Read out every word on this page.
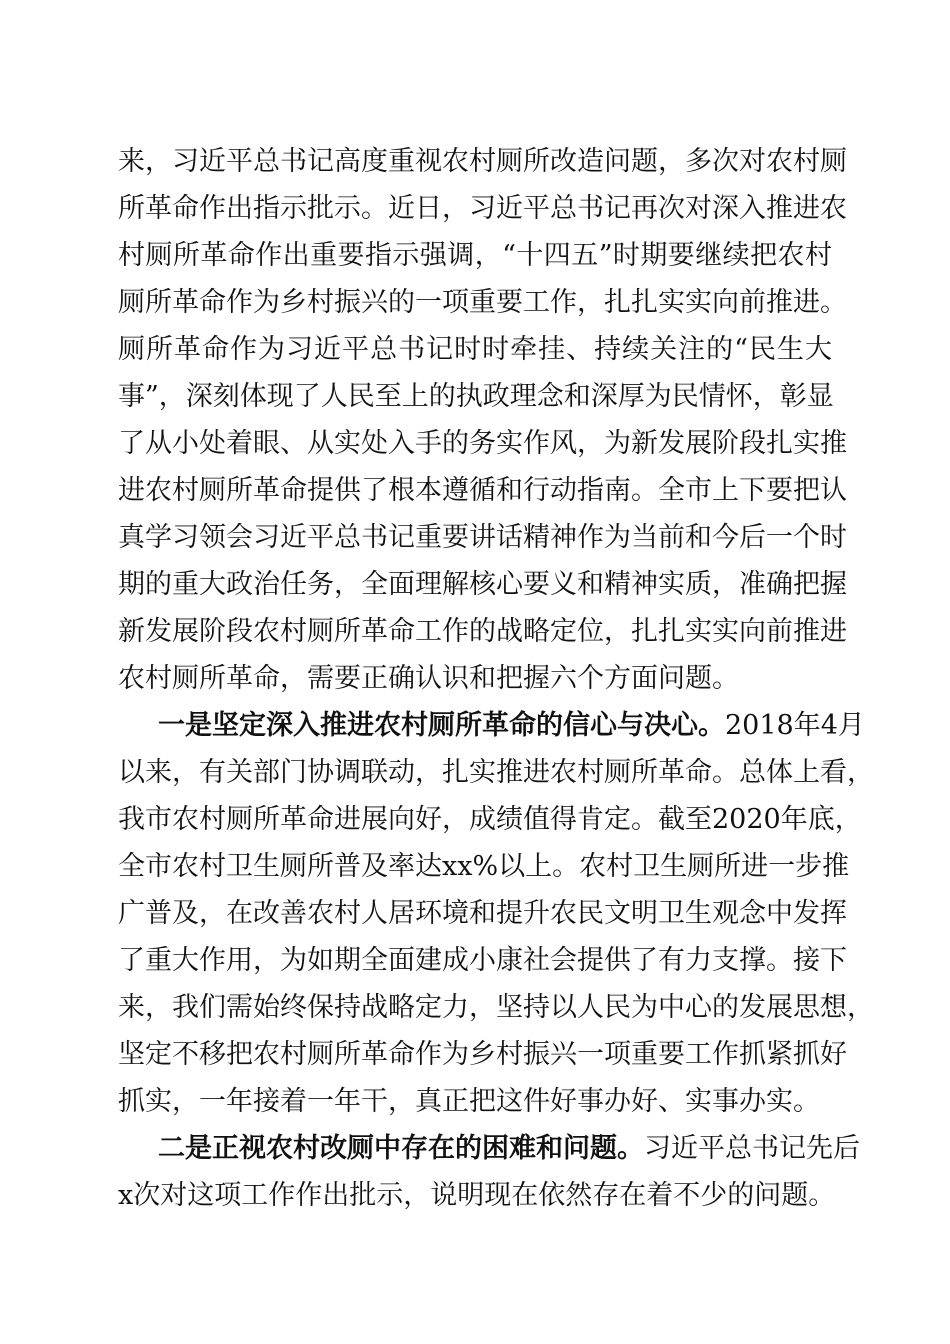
来，习近平总书记高度重视农村厕所改造问题，多次对农村厕
所革命作出指示批示。近日，习近平总书记再次对深入推进农
村厕所革命作出重要指示强调，“十四五”时期要继续把农村
厕所革命作为乡村振兴的一项重要工作，扎扎实实向前推进。
厕所革命作为习近平总书记时时牵挂、持续关注的“民生大
事”，深刻体现了人民至上的执政理念和深厚为民情怀，彰显
了从小处着眼、从实处入手的务实作风，为新发展阶段扎实推
进农村厕所革命提供了根本遵循和行动指南。全市上下要把认
真学习领会习近平总书记重要讲话精神作为当前和今后一个时
期的重大政治任务，全面理解核心要义和精神实质，准确把握
新发展阶段农村厕所革命工作的战略定位，扎扎实实向前推进
农村厕所革命，需要正确认识和把握六个方面问题。
一是坚定深入推进农村厕所革命的信心与决心。2018年4月
以来，有关部门协调联动，扎实推进农村厕所革命。总体上看，
我市农村厕所革命进展向好，成绩值得肯定。截至2020年底，
全市农村卫生厕所普及率达xx%以上。农村卫生厕所进一步推
广普及，在改善农村人居环境和提升农民文明卫生观念中发挥
了重大作用，为如期全面建成小康社会提供了有力支撑。接下
来，我们需始终保持战略定力，坚持以人民为中心的发展思想，
坚定不移把农村厕所革命作为乡村振兴一项重要工作抓紧抓好
抓实，一年接着一年干，真正把这件好事办好、实事办实。
二是正视农村改厕中存在的困难和问题。习近平总书记先后
x次对这项工作作出批示，说明现在依然存在着不少的问题。
